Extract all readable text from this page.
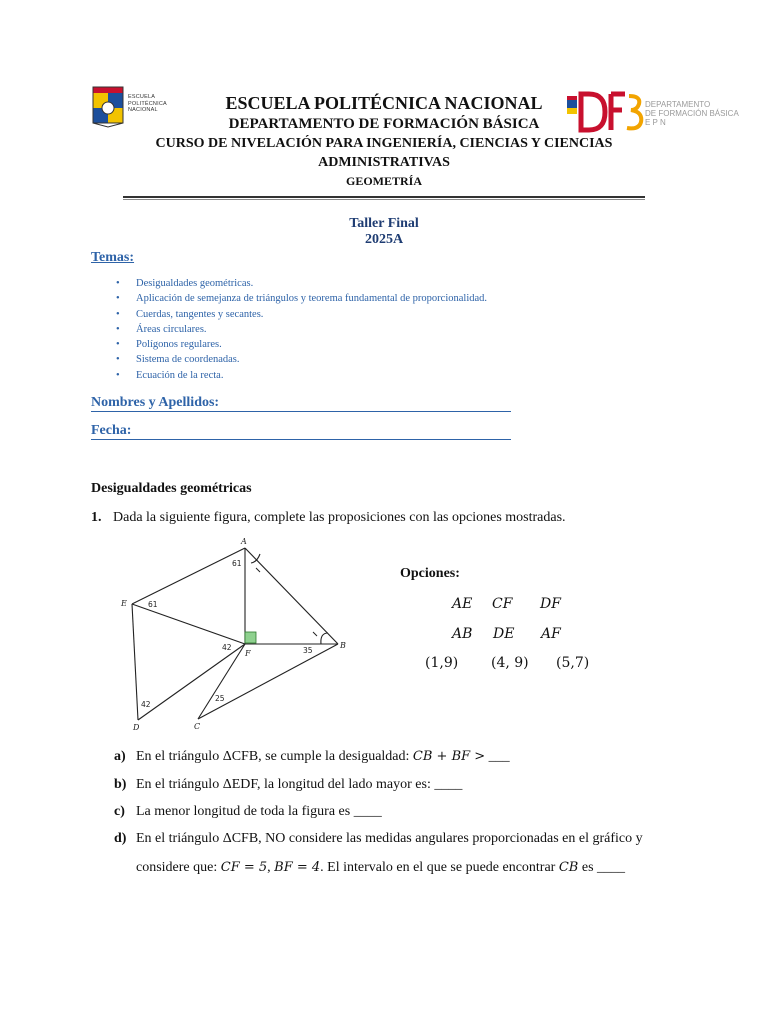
ESCUELA
POLITÉCNICA
NACIONAL
DEPARTAMENTO
DE FORMACIÓN BÁSICA
E P N
ESCUELA POLITÉCNICA NACIONAL
DEPARTAMENTO DE FORMACIÓN BÁSICA
CURSO DE NIVELACIÓN PARA INGENIERÍA, CIENCIAS Y CIENCIAS
ADMINISTRATIVAS
GEOMETRÍA
Taller Final
2025A
Temas:
• Desigualdades geométricas.
• Aplicación de semejanza de triángulos y teorema fundamental de proporcionalidad.
• Cuerdas, tangentes y secantes.
• Áreas circulares.
• Polígonos regulares.
• Sistema de coordenadas.
• Ecuación de la recta.
Nombres y Apellidos:
Fecha:
Desigualdades geométricas
1. Dada la siguiente figura, complete las proposiciones con las opciones mostradas.
A
B
C
D
E
F
61
61
42	35
25
42
Opciones:
AE CF DF
AB DE AF
(1,9) (4, 9) (5,7)
a) En el triángulo ΔCFB, se cumple la desigualdad: CB + BF > ___
b) En el triángulo ΔEDF, la longitud del lado mayor es: ____
c) La menor longitud de toda la figura es ____
d) En el triángulo ΔCFB, NO considere las medidas angulares proporcionadas en el gráfico y
considere que: CF = 5, BF = 4. El intervalo en el que se puede encontrar CB es ____
